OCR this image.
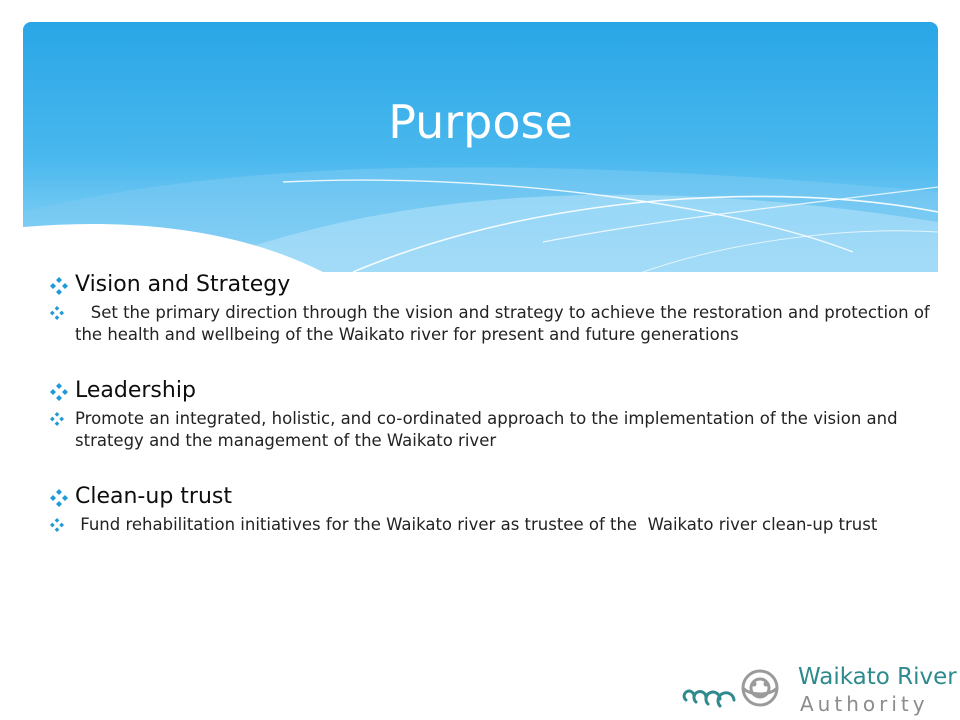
Purpose
Vision and Strategy
Set the primary direction through the vision and strategy to achieve the restoration and protection of the health and wellbeing of the Waikato river for present and future generations
Leadership
Promote an integrated, holistic, and co-ordinated approach to the implementation of the vision and strategy and the management of the Waikato river
Clean-up trust
Fund rehabilitation initiatives for the Waikato river as trustee of the  Waikato river clean-up trust
Waikato River
Authority
